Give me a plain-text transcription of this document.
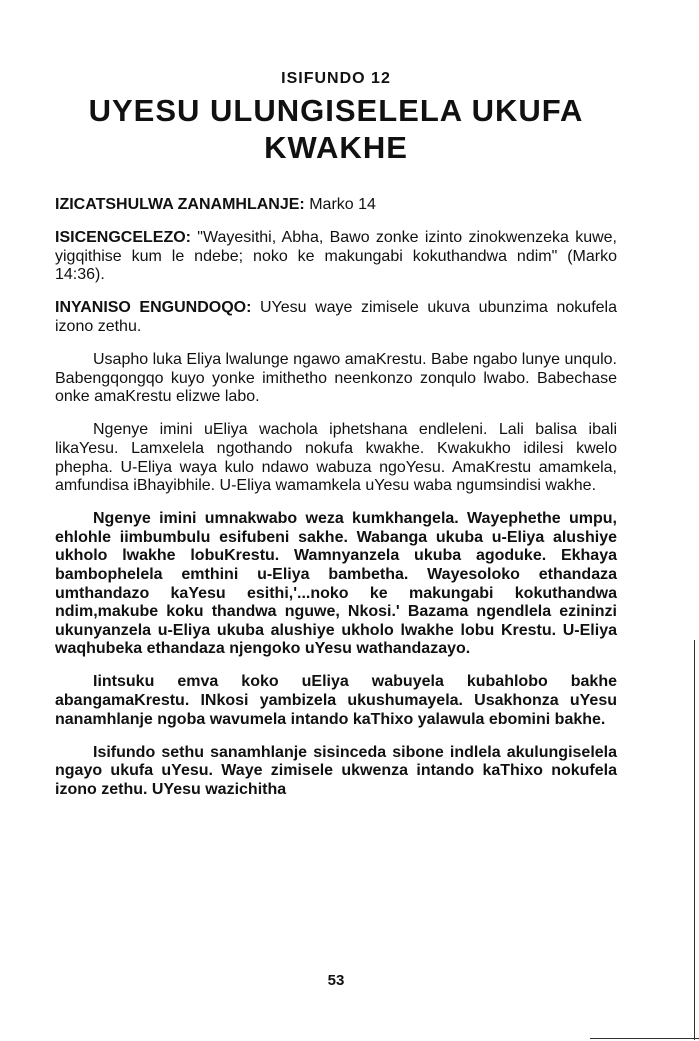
ISIFUNDO 12
UYESU ULUNGISELELA UKUFA
KWAKHE

IZICATSHULWA ZANAMHLANJE: Marko 14

ISICENGCELEZO: "Wayesithi, Abha, Bawo zonke izinto zinokwenzeka kuwe, yigqithise kum le ndebe; noko ke makungabi kokuthandwa ndim" (Marko 14:36).

INYANISO ENGUNDOQO: UYesu waye zimisele ukuva ubunzima nokufela izono zethu.

Usapho luka Eliya lwalunge ngawo amaKrestu. Babe ngabo lunye unqulo. Babengqongqo kuyo yonke imithetho neenkonzo zonqulo lwabo. Babechase onke amaKrestu elizwe labo.

Ngenye imini uEliya wachola iphetshana endleleni. Lali balisa ibali likaYesu. Lamxelela ngothando nokufa kwakhe. Kwakukho idilesi kwelo phepha. U-Eliya waya kulo ndawo wabuza ngoYesu. AmaKrestu amamkela, amfundisa iBhayibhile. U-Eliya wamamkela uYesu waba ngumsindisi wakhe.

Ngenye imini umnakwabo weza kumkhangela. Wayephethe umpu, ehlohle iimbumbulu esifubeni sakhe. Wabanga ukuba u-Eliya alushiye ukholo lwakhe lobuKrestu. Wamnyanzela ukuba agoduke. Ekhaya bambophelela emthini u-Eliya bambetha. Wayesoloko ethandaza umthandazo kaYesu esithi,'...noko ke makungabi kokuthandwa ndim,makube koku thandwa nguwe, Nkosi.' Bazama ngendlela ezininzi ukunyanzela u-Eliya ukuba alushiye ukholo lwakhe lobu Krestu. U-Eliya waqhubeka ethandaza njengoko uYesu wathandazayo.

Iintsuku emva koko uEliya wabuyela kubahlobo bakhe abangamaKrestu. INkosi yambizela ukushumayela. Usakhonza uYesu nanamhlanje ngoba wavumela intando kaThixo yalawula ebomini bakhe.

Isifundo sethu sanamhlanje sisinceda sibone indlela akulungiselela ngayo ukufa uYesu. Waye zimisele ukwenza intando kaThixo nokufela izono zethu. UYesu wazichitha

53
